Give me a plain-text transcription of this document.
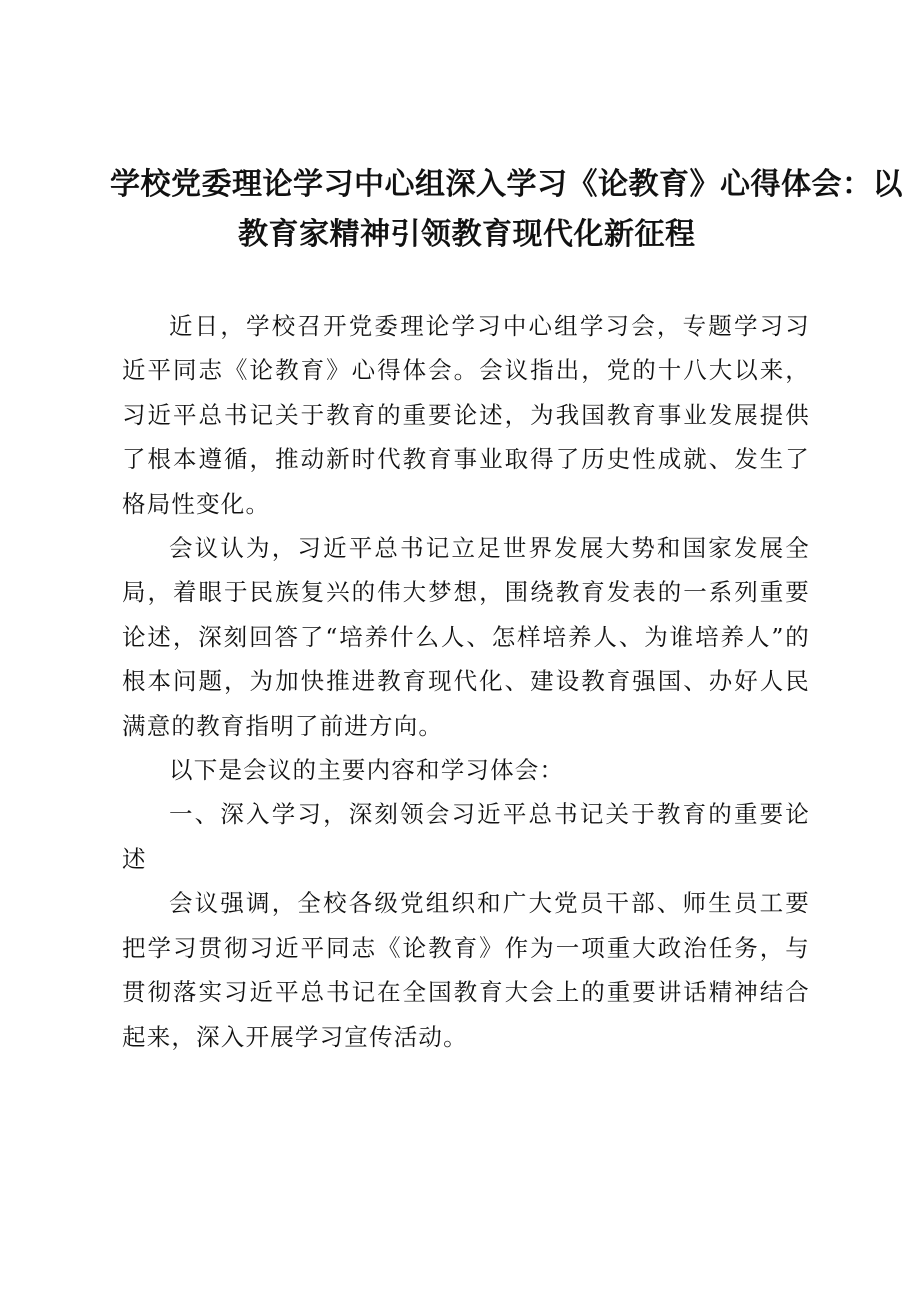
学校党委理论学习中心组深入学习《论教育》心得体会：以
教育家精神引领教育现代化新征程

近日，学校召开党委理论学习中心组学习会，专题学习习近平同志《论教育》心得体会。会议指出，党的十八大以来，习近平总书记关于教育的重要论述，为我国教育事业发展提供了根本遵循，推动新时代教育事业取得了历史性成就、发生了格局性变化。

会议认为，习近平总书记立足世界发展大势和国家发展全局，着眼于民族复兴的伟大梦想，围绕教育发表的一系列重要论述，深刻回答了“培养什么人、怎样培养人、为谁培养人”的根本问题，为加快推进教育现代化、建设教育强国、办好人民满意的教育指明了前进方向。

以下是会议的主要内容和学习体会：

一、深入学习，深刻领会习近平总书记关于教育的重要论述

会议强调，全校各级党组织和广大党员干部、师生员工要把学习贯彻习近平同志《论教育》作为一项重大政治任务，与贯彻落实习近平总书记在全国教育大会上的重要讲话精神结合起来，深入开展学习宣传活动。
